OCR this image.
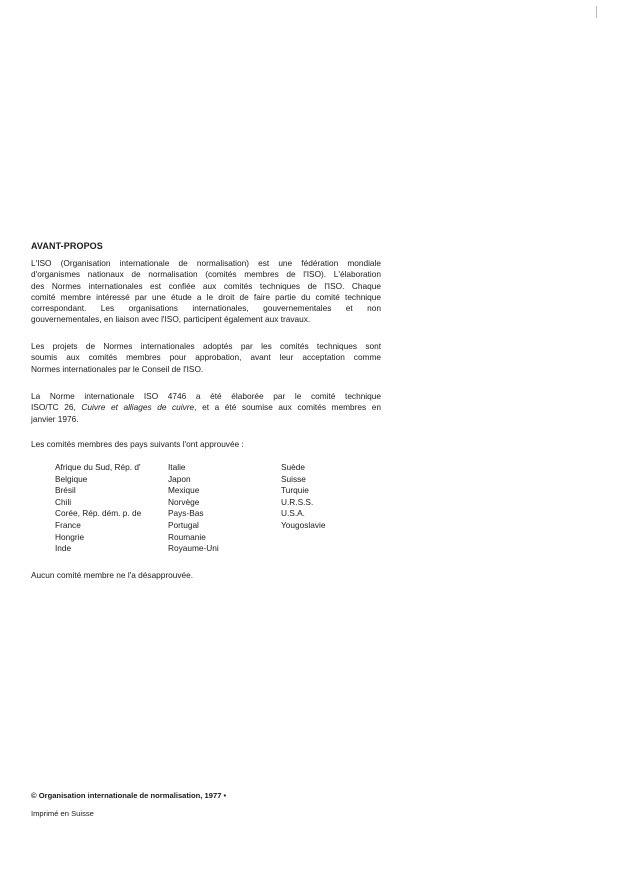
AVANT-PROPOS
L'ISO (Organisation internationale de normalisation) est une fédération mondiale
d'organismes nationaux de normalisation (comités membres de l'ISO). L'élaboration
des Normes internationales est confiée aux comités techniques de l'ISO. Chaque
comité membre intéressé par une étude a le droit de faire partie du comité technique
correspondant. Les organisations internationales, gouvernementales et non
gouvernementales, en liaison avec l'ISO, participent également aux travaux.
Les projets de Normes internationales adoptés par les comités techniques sont
soumis aux comités membres pour approbation, avant leur acceptation comme
Normes internationales par le Conseil de l'ISO.
La Norme internationale ISO 4746 a été élaborée par le comité technique
ISO/TC 26, Cuivre et alliages de cuivre, et a été soumise aux comités membres en
janvier 1976.
Les comités membres des pays suivants l'ont approuvée :
Afrique du Sud, Rép. d'
Belgique
Brésil
Chili
Corée, Rép. dém. p. de
France
Hongrie
Inde
Italie
Japon
Mexique
Norvège
Pays-Bas
Portugal
Roumanie
Royaume-Uni
Suède
Suisse
Turquie
U.R.S.S.
U.S.A.
Yougoslavie
Aucun comité membre ne l'a désapprouvée.
© Organisation internationale de normalisation, 1977 •
Imprimé en Suisse
